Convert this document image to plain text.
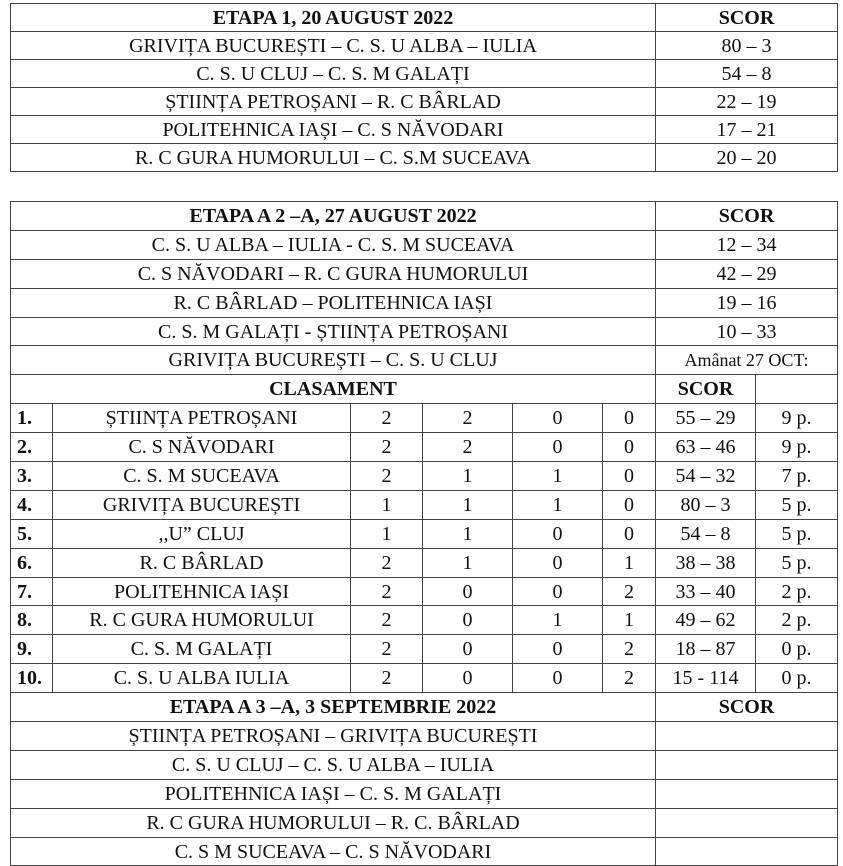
ETAPA 1, 20 AUGUST 2022	SCOR
GRIVIȚA BUCUREȘTI – C. S. U ALBA – IULIA	80 – 3
C. S. U CLUJ – C. S. M GALAȚI	54 – 8
ȘTIINȚA PETROȘANI – R. C BÂRLAD	22 – 19
POLITEHNICA IAȘI – C. S NĂVODARI	17 – 21
R. C GURA HUMORULUI – C. S.M SUCEAVA	20 – 20
ETAPA A 2 –A, 27 AUGUST 2022						SCOR	
C. S. U ALBA – IULIA - C. S. M SUCEAVA						12 – 34	
C. S NĂVODARI – R. C GURA HUMORULUI						42 – 29	
R. C BÂRLAD – POLITEHNICA IAȘI						19 – 16	
C. S. M GALAȚI - ȘTIINȚA PETROȘANI						10 – 33	
GRIVIȚA BUCUREȘTI – C. S. U CLUJ						Amânat 27 OCT:	
CLASAMENT						SCOR	
1.	ȘTIINȚA PETROȘANI	2	2	0	0	55 – 29	9 p.
2.	C. S NĂVODARI	2	2	0	0	63 – 46	9 p.
3.	C. S. M SUCEAVA	2	1	1	0	54 – 32	7 p.
4.	GRIVIȚA BUCUREȘTI	1	1	1	0	80 – 3	5 p.
5.	,,U” CLUJ	1	1	0	0	54 – 8	5 p.
6.	R. C BÂRLAD	2	1	0	1	38 – 38	5 p.
7.	POLITEHNICA IAȘI	2	0	0	2	33 – 40	2 p.
8.	R. C GURA HUMORULUI	2	0	1	1	49 – 62	2 p.
9.	C. S. M GALAȚI	2	0	0	2	18 – 87	0 p.
10.	C. S. U ALBA IULIA	2	0	0	2	15 - 114	0 p.
ETAPA A 3 –A, 3 SEPTEMBRIE 2022						SCOR	
ȘTIINȚA PETROȘANI – GRIVIȚA BUCUREȘTI							
C. S. U CLUJ – C. S. U ALBA – IULIA							
POLITEHNICA IAȘI – C. S. M GALAȚI							
R. C GURA HUMORULUI – R. C. BÂRLAD							
C. S M SUCEAVA – C. S NĂVODARI							
